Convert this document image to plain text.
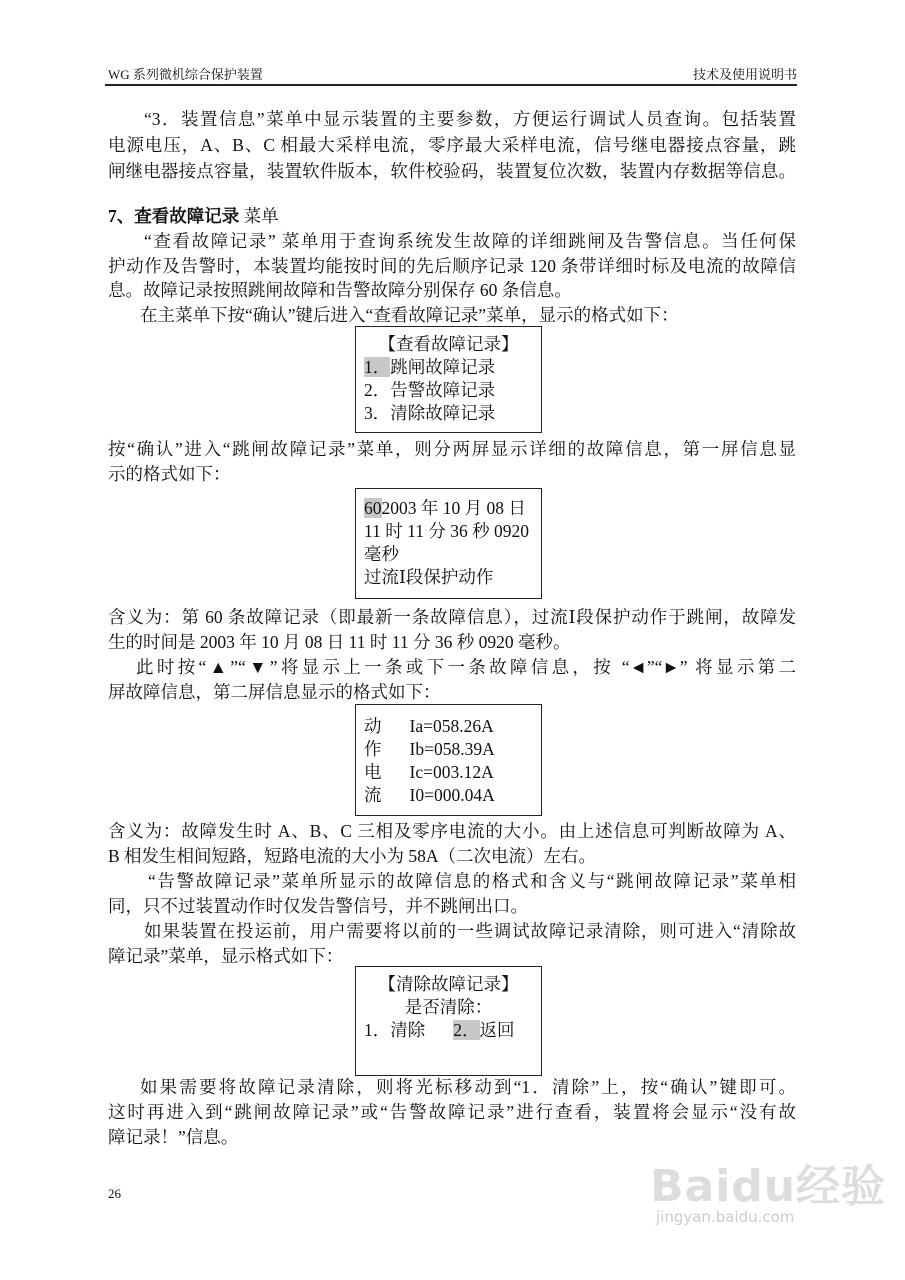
WG 系列微机综合保护装置	技术及使用说明书
“3．装置信息”菜单中显示装置的主要参数，方便运行调试人员查询。包括装置
电源电压，A、B、C 相最大采样电流，零序最大采样电流，信号继电器接点容量，跳
闸继电器接点容量，装置软件版本，软件校验码，装置复位次数，装置内存数据等信息。
7、查看故障记录 菜单
“查看故障记录” 菜单用于查询系统发生故障的详细跳闸及告警信息。当任何保
护动作及告警时，本装置均能按时间的先后顺序记录 120 条带详细时标及电流的故障信
息。故障记录按照跳闸故障和告警故障分别保存 60 条信息。
在主菜单下按“确认”键后进入“查看故障记录”菜单，显示的格式如下：
【查看故障记录】
1．跳闸故障记录
2．告警故障记录
3．清除故障记录
按“确认”进入“跳闸故障记录”菜单，则分两屏显示详细的故障信息，第一屏信息显
示的格式如下：
602003 年 10 月 08 日
11 时 11 分 36 秒 0920
毫秒
过流Ⅰ段保护动作
含义为：第 60 条故障记录（即最新一条故障信息），过流Ⅰ段保护动作于跳闸，故障发
生的时间是 2003 年 10 月 08 日 11 时 11 分 36 秒 0920 毫秒。
此时按“▲”“▼”将显示上一条或下一条故障信息，按 “◄”“►” 将显示第二
屏故障信息，第二屏信息显示的格式如下：
动 Ia=058.26A
作 Ib=058.39A
电 Ic=003.12A
流 I0=000.04A
含义为：故障发生时 A、B、C 三相及零序电流的大小。由上述信息可判断故障为 A、
B 相发生相间短路，短路电流的大小为 58A（二次电流）左右。
“告警故障记录”菜单所显示的故障信息的格式和含义与“跳闸故障记录”菜单相
同，只不过装置动作时仅发告警信号，并不跳闸出口。
如果装置在投运前，用户需要将以前的一些调试故障记录清除，则可进入“清除故
障记录”菜单，显示格式如下：
【清除故障记录】
是否清除：
1．清除 2．返回
如果需要将故障记录清除，则将光标移动到“1．清除”上，按“确认”键即可。
这时再进入到“跳闸故障记录”或“告警故障记录”进行查看，装置将会显示“没有故
障记录！”信息。
26	Baidu经验
jingyan.baidu.com
